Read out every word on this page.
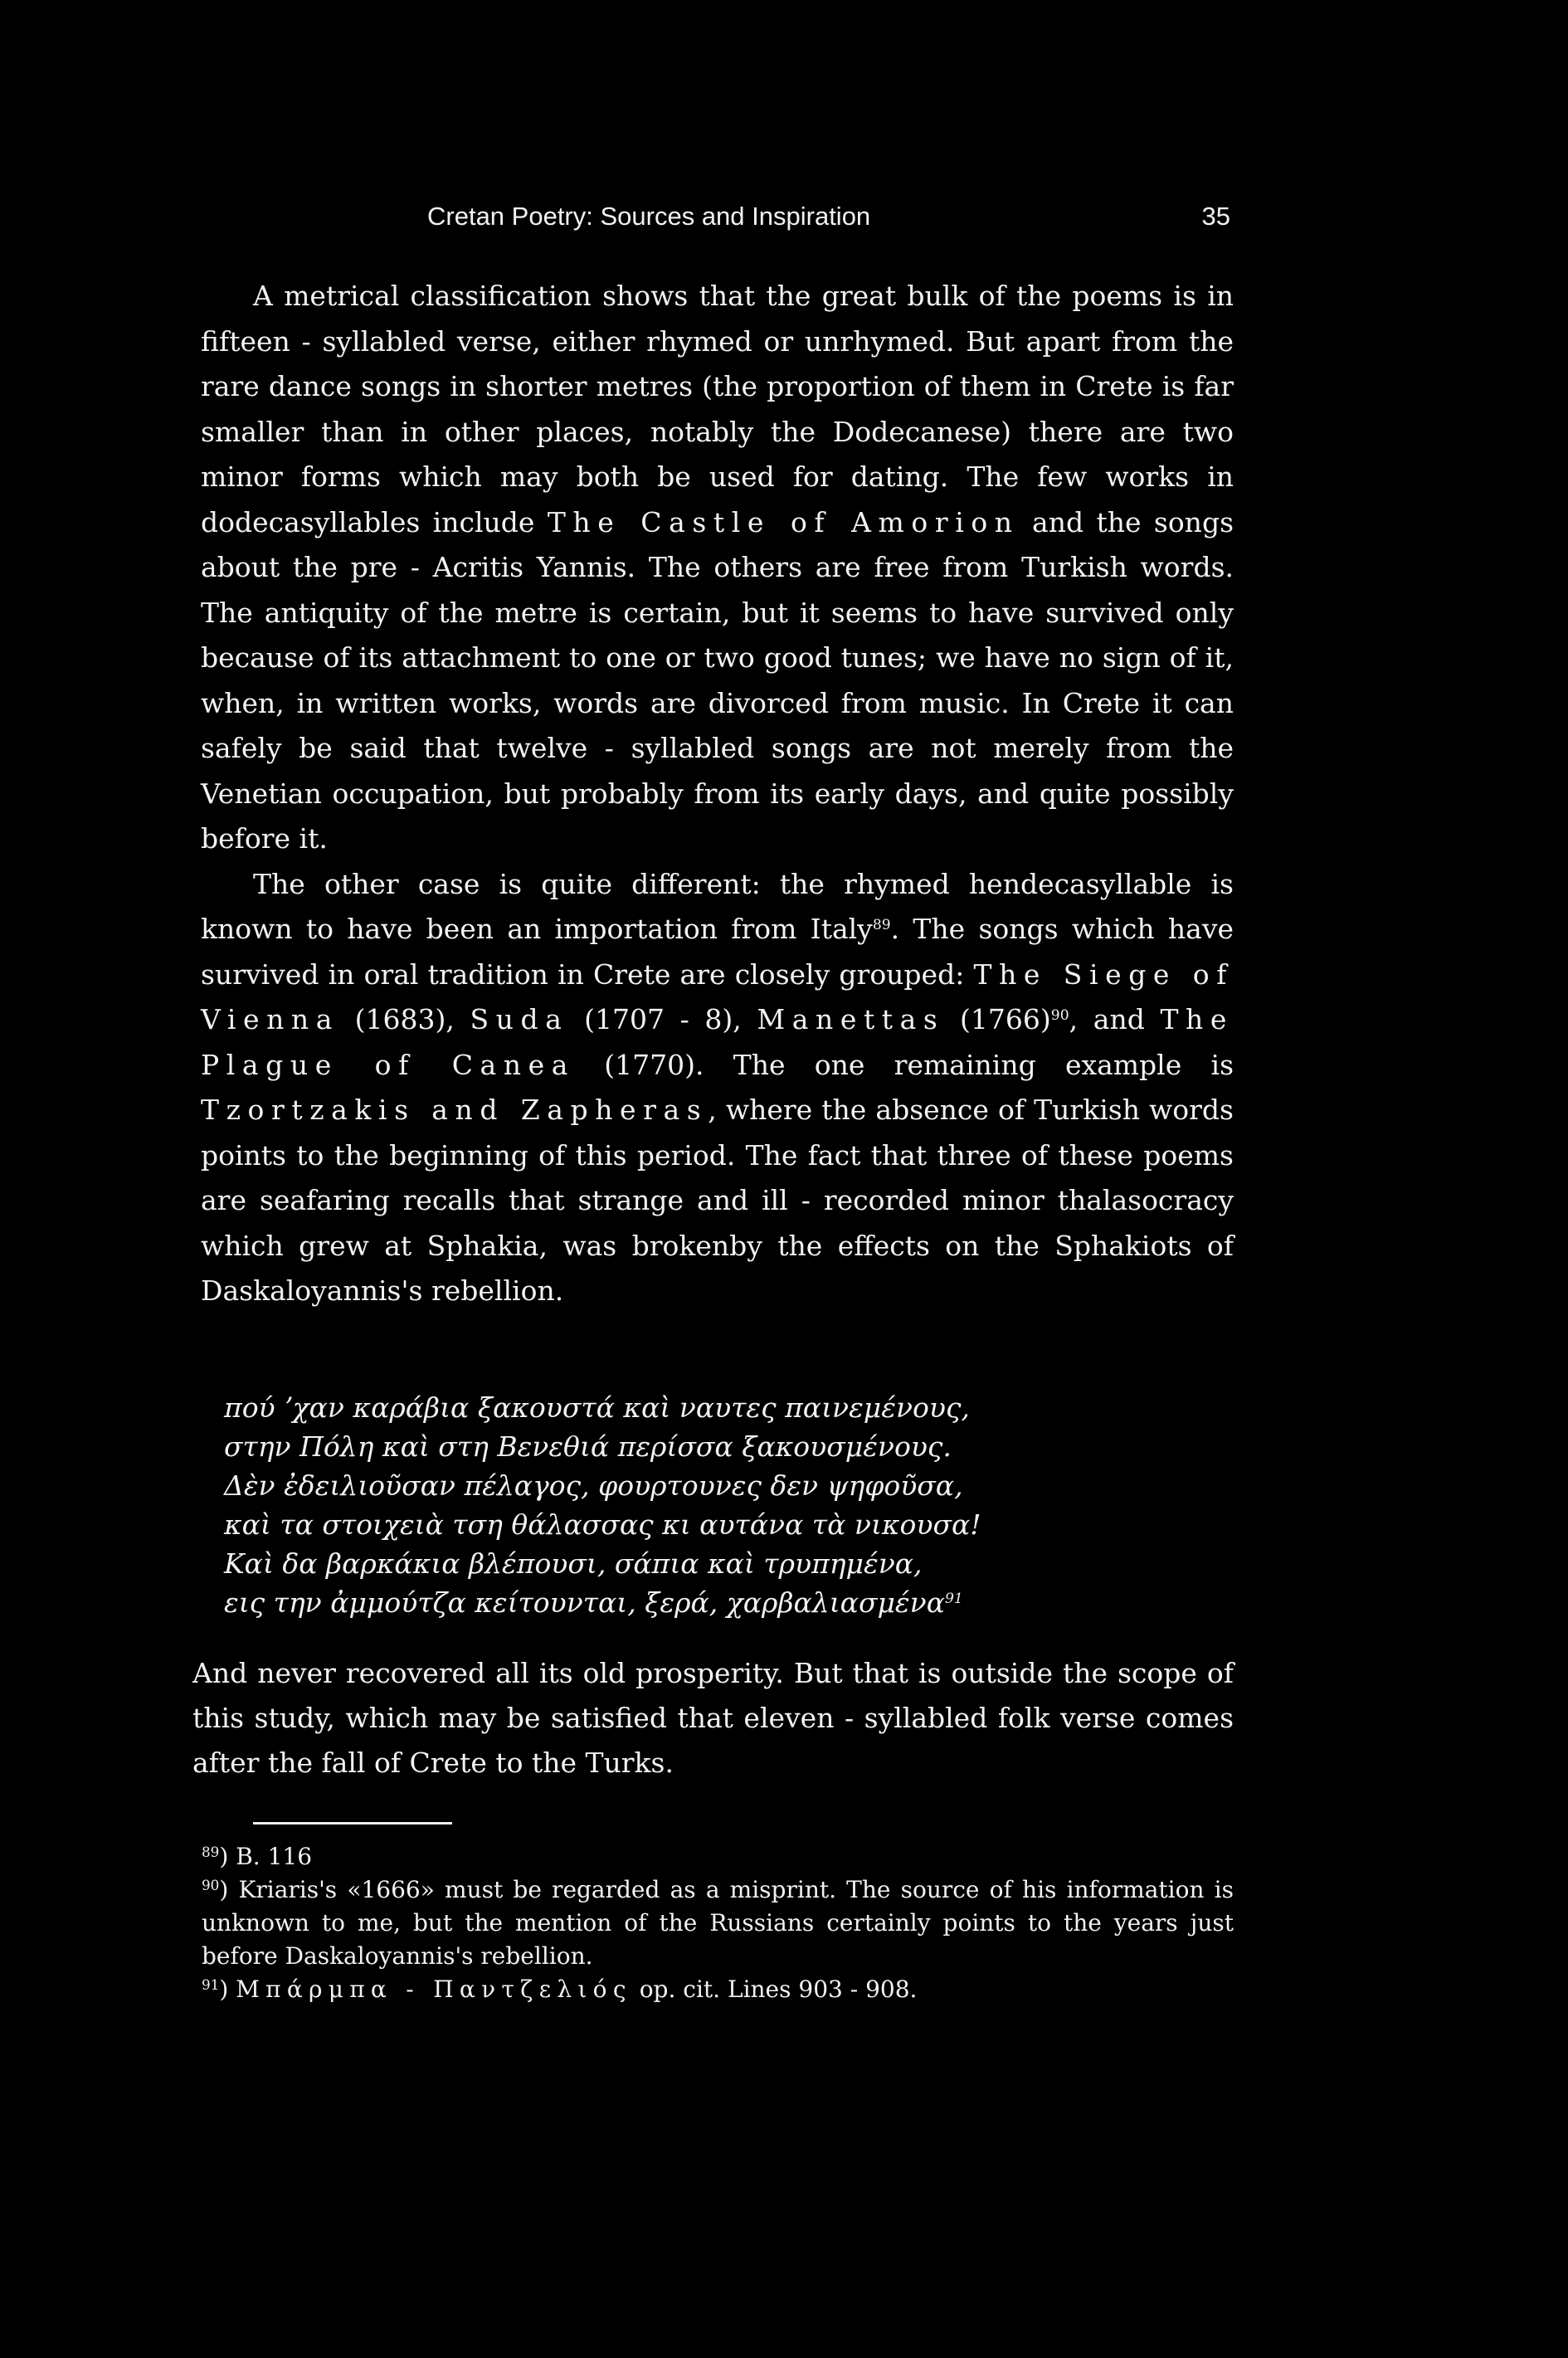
Cretan Poetry: Sources and Inspiration	35

A metrical classification shows that the great bulk of the poems is in fifteen - syllabled verse, either rhymed or unrhymed. But apart from the rare dance songs in shorter metres (the proportion of them in Crete is far smaller than in other places, notably the Dodecanese) there are two minor forms which may both be used for dating. The few works in dodecasyllables include The Castle of Amorion and the songs about the pre - Acritis Yannis. The others are free from Turkish words. The antiquity of the metre is certain, but it seems to have survived only because of its attachment to one or two good tunes; we have no sign of it, when, in written works, words are divorced from music. In Crete it can safely be said that twelve - syllabled songs are not merely from the Venetian occupation, but probably from its early days, and quite possibly before it.

The other case is quite different: the rhymed hendecasyllable is known to have been an importation from Italy$^{89}$. The songs which have survived in oral tradition in Crete are closely grouped: The Siege of Vienna (1683), Suda (1707 - 8), Manettas $(1766)^{90}$, and The Plague of Canea (1770). The one remaining example is Tzortzakis and Zapheras, where the absence of Turkish words points to the beginning of this period. The fact that three of these poems are seafaring recalls that strange and ill - recorded minor thalasocracy which grew at Sphakia, was brokenby the effects on the Sphakiots of Daskaloyannis's rebellion.

πού ʼχαν καράβια ξακουστά καὶ ναυτες παινεμένους,
στην Πόλη καὶ στη Βενεθιά περίσσα ξακουσμένους.
Δὲν ἐδειλιοῦσαν πέλαγος, φουρτουνες δεν ψηφοῦσα,
καὶ τα στοιχειὰ τση θάλασσας κι αυτάνα τὰ νικουσα!
Καὶ δα βαρκάκια βλέπουσι, σάπια καὶ τρυπημένα,
εις την ἀμμούτζα κείτουνται, ξερά, χαρβαλιασμένα$^{91}$
And never recovered all its old prosperity. But that is outside the scope of this study, which may be satisfied that eleven - syllabled folk verse comes after the fall of Crete to the Turks.
$^{89}$) B. 116
$^{90}$) Kriaris's «1666» must be regarded as a misprint. The source of his information is unknown to me, but the mention of the Russians certainly points to the years just before Daskaloyannis's rebellion.
$^{91}$) Μπάρμπα - Παντζελιός op. cit. Lines 903 - 908.
